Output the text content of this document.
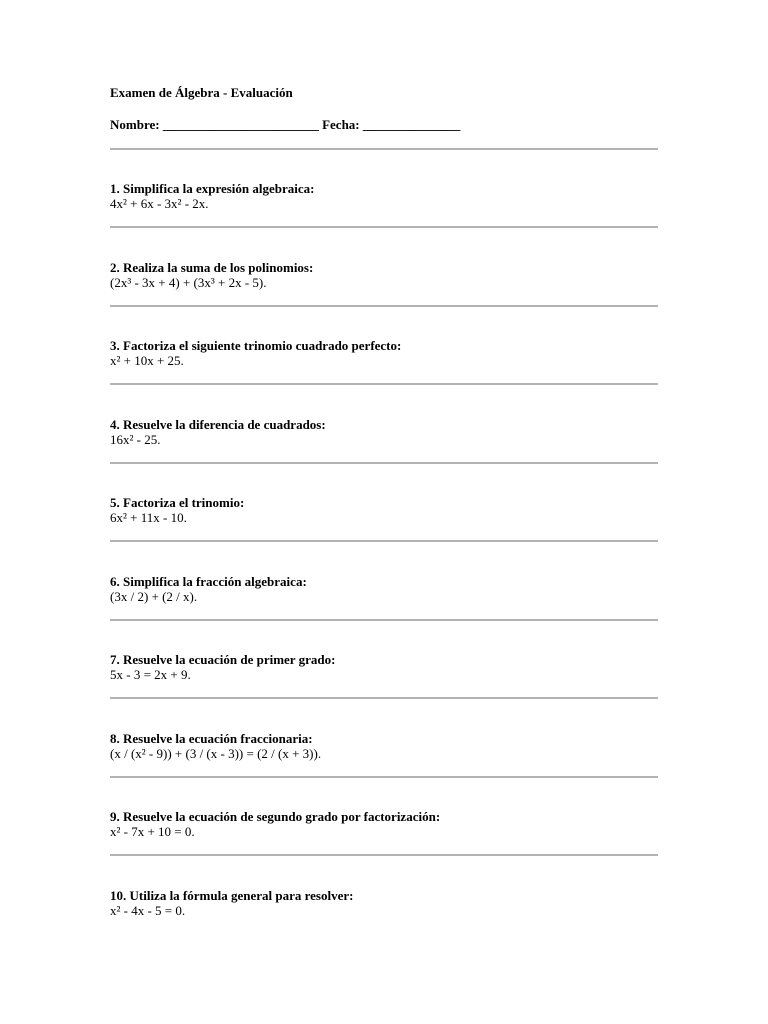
Examen de Álgebra - Evaluación
Nombre: ________________________ Fecha: _______________
1. Simplifica la expresión algebraica:
4x² + 6x - 3x² - 2x.
2. Realiza la suma de los polinomios:
(2x³ - 3x + 4) + (3x³ + 2x - 5).
3. Factoriza el siguiente trinomio cuadrado perfecto:
x² + 10x + 25.
4. Resuelve la diferencia de cuadrados:
16x² - 25.
5. Factoriza el trinomio:
6x² + 11x - 10.
6. Simplifica la fracción algebraica:
(3x / 2) + (2 / x).
7. Resuelve la ecuación de primer grado:
5x - 3 = 2x + 9.
8. Resuelve la ecuación fraccionaria:
(x / (x² - 9)) + (3 / (x - 3)) = (2 / (x + 3)).
9. Resuelve la ecuación de segundo grado por factorización:
x² - 7x + 10 = 0.
10. Utiliza la fórmula general para resolver:
x² - 4x - 5 = 0.
